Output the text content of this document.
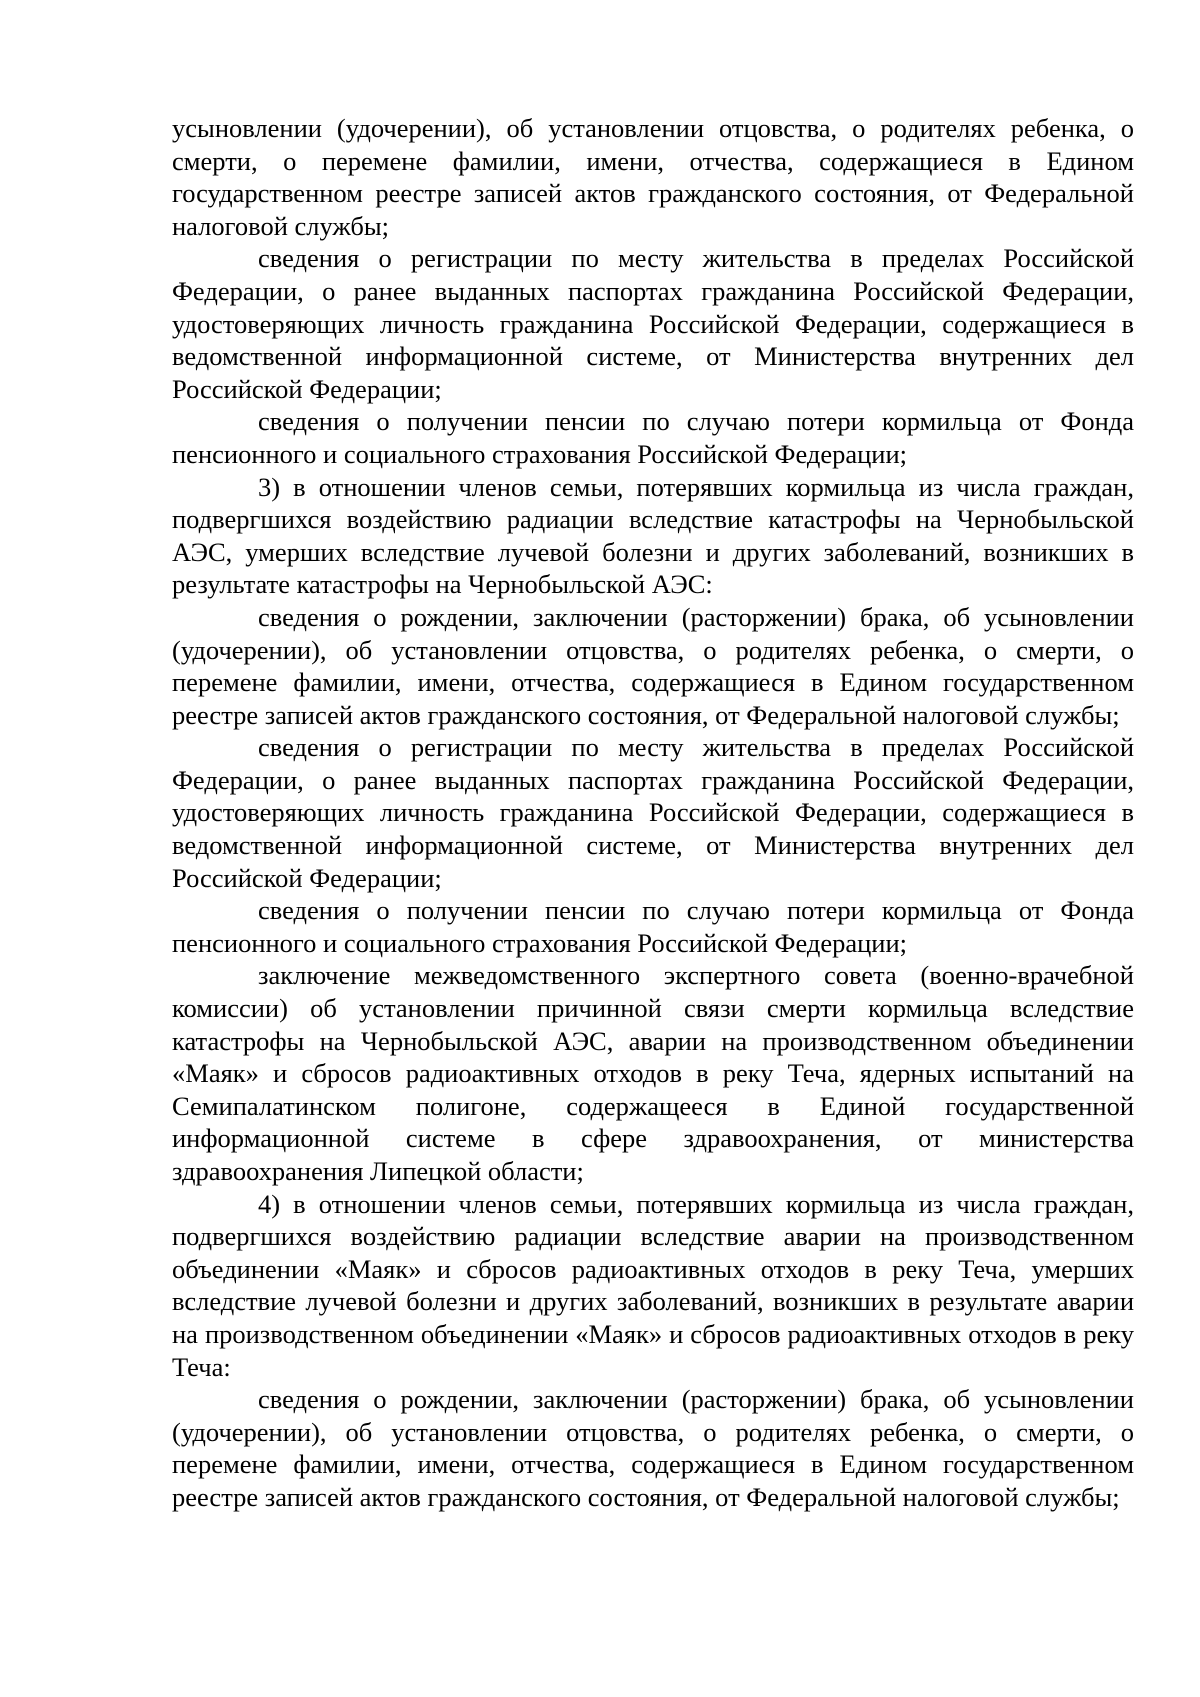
усыновлении (удочерении), об установлении отцовства, о родителях ребенка, о смерти, о перемене фамилии, имени, отчества, содержащиеся в Едином государственном реестре записей актов гражданского состояния, от Федеральной налоговой службы;

сведения о регистрации по месту жительства в пределах Российской Федерации, о ранее выданных паспортах гражданина Российской Федерации, удостоверяющих личность гражданина Российской Федерации, содержащиеся в ведомственной информационной системе, от Министерства внутренних дел Российской Федерации;

сведения о получении пенсии по случаю потери кормильца от Фонда пенсионного и социального страхования Российской Федерации;

3) в отношении членов семьи, потерявших кормильца из числа граждан, подвергшихся воздействию радиации вследствие катастрофы на Чернобыльской АЭС, умерших вследствие лучевой болезни и других заболеваний, возникших в результате катастрофы на Чернобыльской АЭС:

сведения о рождении, заключении (расторжении) брака, об усыновлении (удочерении), об установлении отцовства, о родителях ребенка, о смерти, о перемене фамилии, имени, отчества, содержащиеся в Едином государственном реестре записей актов гражданского состояния, от Федеральной налоговой службы;

сведения о регистрации по месту жительства в пределах Российской Федерации, о ранее выданных паспортах гражданина Российской Федерации, удостоверяющих личность гражданина Российской Федерации, содержащиеся в ведомственной информационной системе, от Министерства внутренних дел Российской Федерации;

сведения о получении пенсии по случаю потери кормильца от Фонда пенсионного и социального страхования Российской Федерации;

заключение межведомственного экспертного совета (военно-врачебной комиссии) об установлении причинной связи смерти кормильца вследствие катастрофы на Чернобыльской АЭС, аварии на производственном объединении «Маяк» и сбросов радиоактивных отходов в реку Теча, ядерных испытаний на Семипалатинском полигоне, содержащееся в Единой государственной информационной системе в сфере здравоохранения, от министерства здравоохранения Липецкой области;

4) в отношении членов семьи, потерявших кормильца из числа граждан, подвергшихся воздействию радиации вследствие аварии на производственном объединении «Маяк» и сбросов радиоактивных отходов в реку Теча, умерших вследствие лучевой болезни и других заболеваний, возникших в результате аварии на производственном объединении «Маяк» и сбросов радиоактивных отходов в реку Теча:

сведения о рождении, заключении (расторжении) брака, об усыновлении (удочерении), об установлении отцовства, о родителях ребенка, о смерти, о перемене фамилии, имени, отчества, содержащиеся в Едином государственном реестре записей актов гражданского состояния, от Федеральной налоговой службы;
